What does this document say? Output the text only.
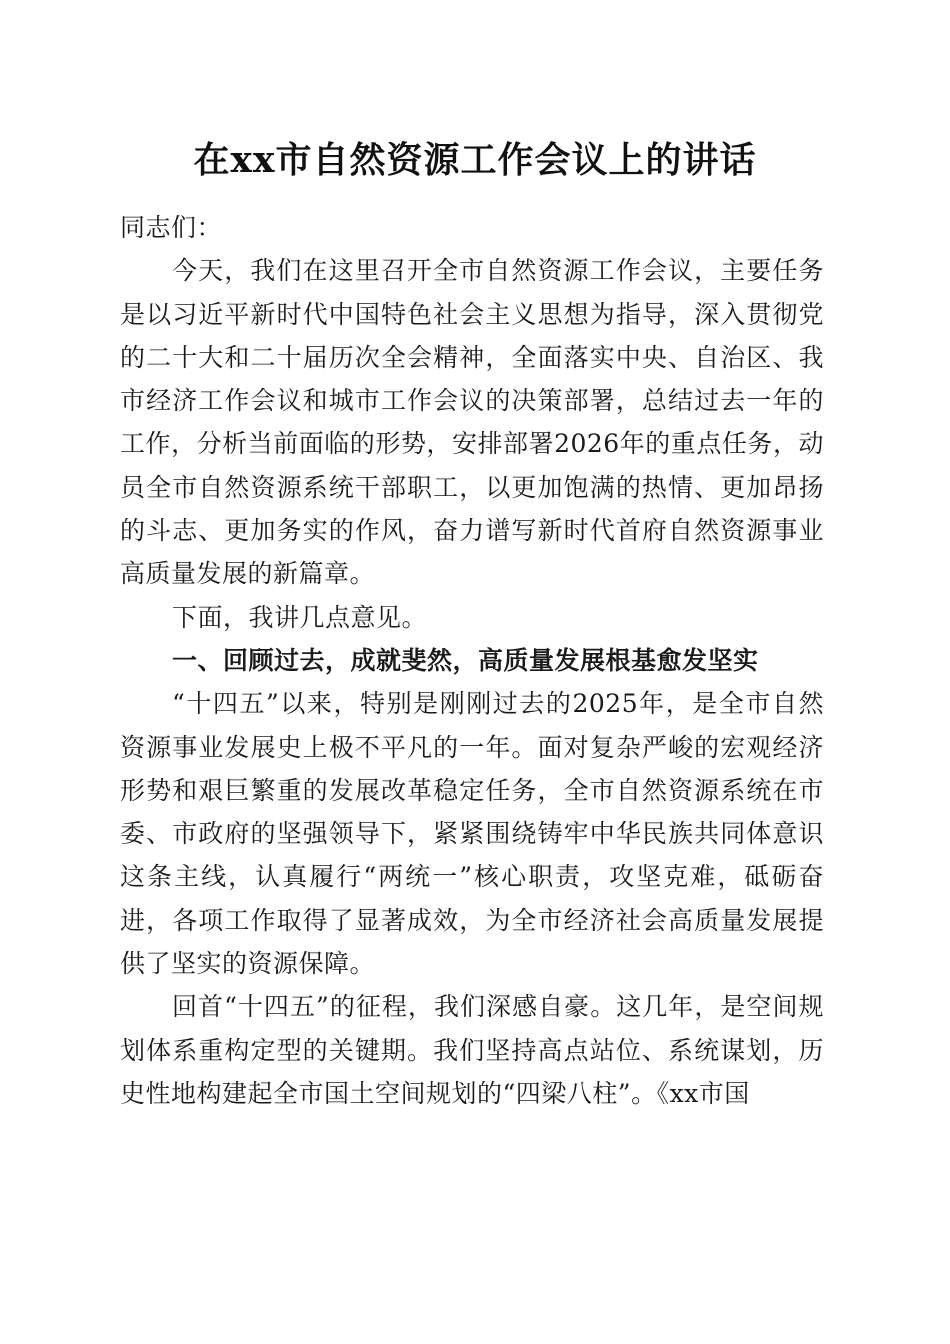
在xx市自然资源工作会议上的讲话

同志们：

今天，我们在这里召开全市自然资源工作会议，主要任务是以习近平新时代中国特色社会主义思想为指导，深入贯彻党的二十大和二十届历次全会精神，全面落实中央、自治区、我市经济工作会议和城市工作会议的决策部署，总结过去一年的工作，分析当前面临的形势，安排部署2026年的重点任务，动员全市自然资源系统干部职工，以更加饱满的热情、更加昂扬的斗志、更加务实的作风，奋力谱写新时代首府自然资源事业高质量发展的新篇章。

下面，我讲几点意见。

一、回顾过去，成就斐然，高质量发展根基愈发坚实

“十四五”以来，特别是刚刚过去的2025年，是全市自然资源事业发展史上极不平凡的一年。面对复杂严峻的宏观经济形势和艰巨繁重的发展改革稳定任务，全市自然资源系统在市委、市政府的坚强领导下，紧紧围绕铸牢中华民族共同体意识这条主线，认真履行“两统一”核心职责，攻坚克难，砥砺奋进，各项工作取得了显著成效，为全市经济社会高质量发展提供了坚实的资源保障。

回首“十四五”的征程，我们深感自豪。这几年，是空间规划体系重构定型的关键期。我们坚持高点站位、系统谋划，历史性地构建起全市国土空间规划的“四梁八柱”。《xx市国
